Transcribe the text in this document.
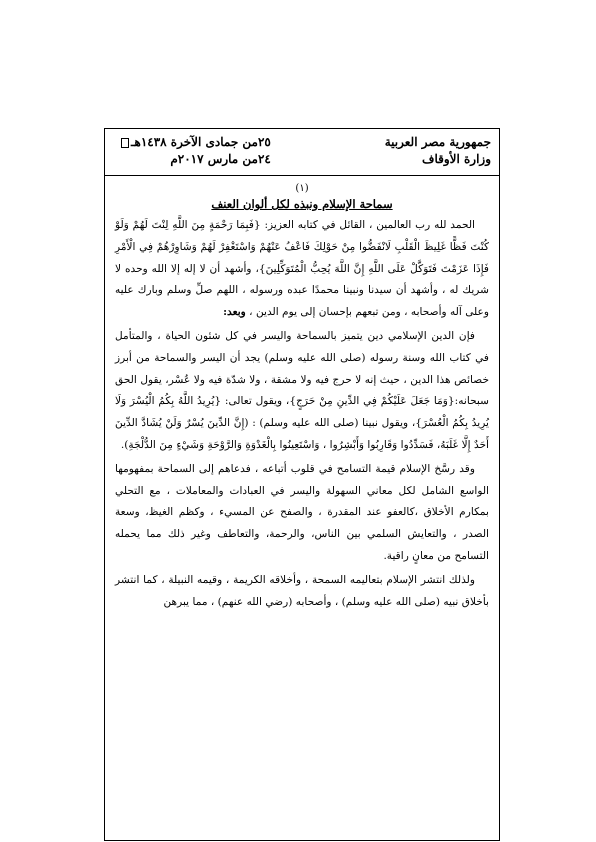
جمهورية مصر العربية
وزارة الأوقاف
٢٥من جمادى الآخرة ١٤٣٨هـ
٢٤من مارس ٢٠١٧م
(١)
سماحة الإسلام ونبذه لكل ألوان العنف

الحمد لله رب العالمين ، القائل في كتابه العزيز: {فَبِمَا رَحْمَةٍ مِنَ اللَّهِ لِنْتَ لَهُمْ وَلَوْ كُنْتَ فَظًّا غَلِيظَ الْقَلْبِ لَانْفَضُّوا مِنْ حَوْلِكَ فَاعْفُ عَنْهُمْ وَاسْتَغْفِرْ لَهُمْ وَشَاوِرْهُمْ فِي الْأَمْرِ فَإِذَا عَزَمْتَ فَتَوَكَّلْ عَلَى اللَّهِ إِنَّ اللَّهَ يُحِبُّ الْمُتَوَكِّلِينَ}، وأشهد أن لا إله إلا الله وحده لا شريك له ، وأشهد أن سيدنا ونبينا محمدًا عبده ورسوله ، اللهم صلِّ وسلم وبارك عليه وعلى آله وأصحابه ، ومن تبعهم بإحسان إلى يوم الدين ، وبعد:

فإن الدين الإسلامي دين يتميز بالسماحة واليسر في كل شئون الحياة ، والمتأمل في كتاب الله وسنة رسوله (صلى الله عليه وسلم) يجد أن اليسر والسماحة من أبرز خصائص هذا الدين ، حيث إنه لا حرج فيه ولا مشقة ، ولا شدّة فيه ولا عُسْر، يقول الحق سبحانه:{وَمَا جَعَلَ عَلَيْكُمْ فِي الدِّينِ مِنْ حَرَجٍ}، ويقول تعالى: {يُرِيدُ اللَّهُ بِكُمُ الْيُسْرَ وَلَا يُرِيدُ بِكُمُ الْعُسْرَ}، ويقول نبينا (صلى الله عليه وسلم) : (إِنَّ الدِّينَ يُسْرٌ وَلَنْ يُشَادَّ الدِّينَ أَحَدٌ إِلَّا غَلَبَهُ، فَسَدِّدُوا وَقَارِبُوا وَأَبْشِرُوا ، وَاسْتَعِينُوا بِالْغَدْوَةِ وَالرَّوْحَةِ وَشَيْءٍ مِنَ الدُّلْجَةِ).

وقد رسَّخ الإسلام قيمة التسامح في قلوب أتباعه ، فدعاهم إلى السماحة بمفهومها الواسع الشامل لكل معاني السهولة واليسر في العبادات والمعاملات ، مع التحلي بمكارم الأخلاق ،كالعفو عند المقدرة ، والصفح عن المسيء ، وكظم الغيظ، وسعة الصدر ، والتعايش السلمي بين الناس، والرحمة، والتعاطف وغير ذلك مما يحمله التسامح من معانٍ راقية.

ولذلك انتشر الإسلام بتعاليمه السمحة ، وأخلاقه الكريمة ، وقيمه النبيلة ، كما انتشر بأخلاق نبيه (صلى الله عليه وسلم) ، وأصحابه (رضي الله عنهم) ، مما يبرهن
